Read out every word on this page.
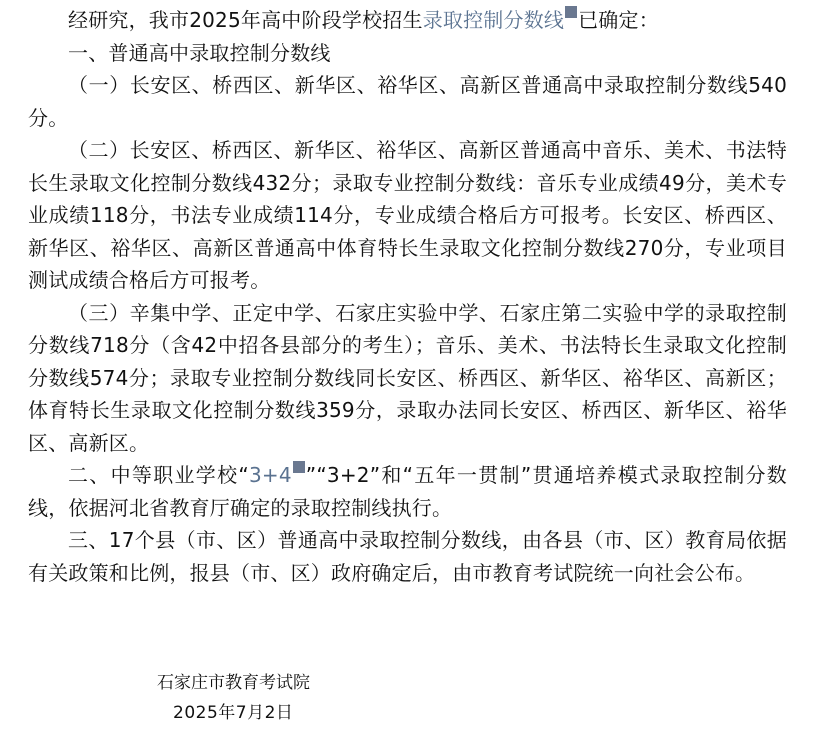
经研究，我市2025年高中阶段学校招生录取控制分数线 已确定：

一、普通高中录取控制分数线

（一）长安区、桥西区、新华区、裕华区、高新区普通高中录取控制分数线540分。

（二）长安区、桥西区、新华区、裕华区、高新区普通高中音乐、美术、书法特长生录取文化控制分数线432分；录取专业控制分数线：音乐专业成绩49分，美术专业成绩118分，书法专业成绩114分，专业成绩合格后方可报考。长安区、桥西区、新华区、裕华区、高新区普通高中体育特长生录取文化控制分数线270分，专业项目测试成绩合格后方可报考。

（三）辛集中学、正定中学、石家庄实验中学、石家庄第二实验中学的录取控制分数线718分（含42中招各县部分的考生）；音乐、美术、书法特长生录取文化控制分数线574分；录取专业控制分数线同长安区、桥西区、新华区、裕华区、高新区；体育特长生录取文化控制分数线359分，录取办法同长安区、桥西区、新华区、裕华区、高新区。

二、中等职业学校“3+4 ”“3+2”和“五年一贯制”贯通培养模式录取控制分数线，依据河北省教育厅确定的录取控制线执行。

三、17个县（市、区）普通高中录取控制分数线，由各县（市、区）教育局依据有关政策和比例，报县（市、区）政府确定后，由市教育考试院统一向社会公布。

石家庄市教育考试院
2025年7月2日
